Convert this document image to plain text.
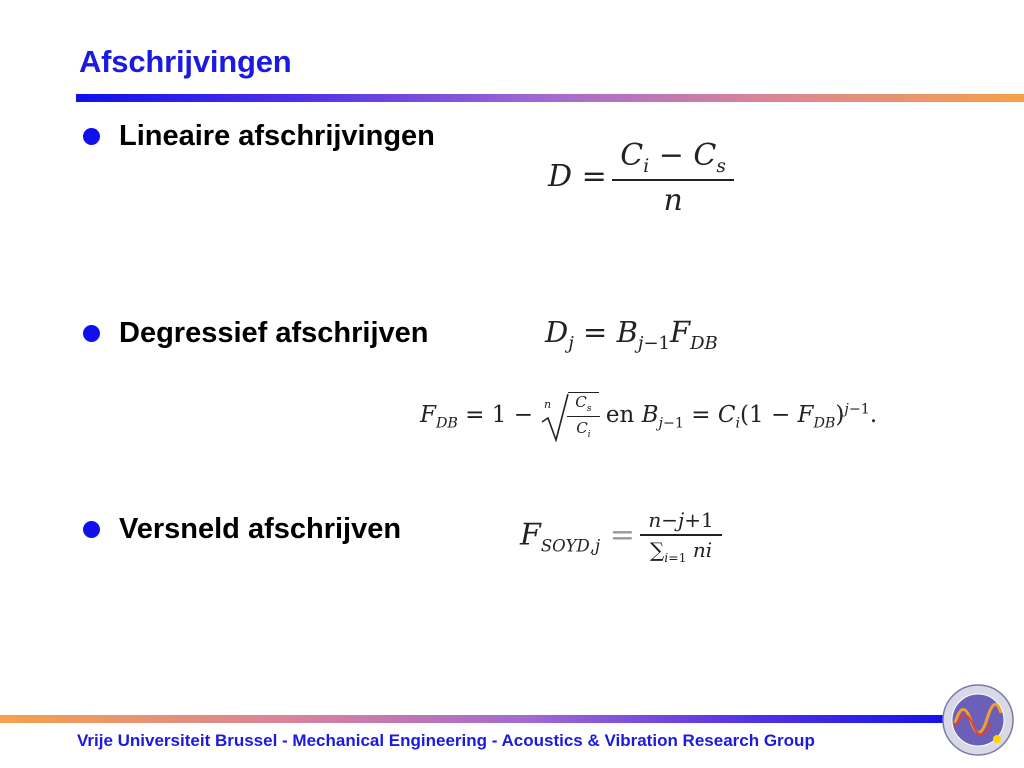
Afschrijvingen
Lineaire afschrijvingen
$D = \frac{C_i - C_s}{n}$
Degressief afschrijven	$D_j = B_{j-1}F_{DB}$
$F_{DB} = 1 - n \frac{C_s}{C_i}$ en $B_{j-1} = C_i(1 - F_{DB})^{j-1}$.
Versneld afschrijven	$F_{SOYD,j} = \frac{n-j+1}{\sum_{i=1} ni}$
Vrije Universiteit Brussel - Mechanical Engineering - Acoustics & Vibration Research Group
